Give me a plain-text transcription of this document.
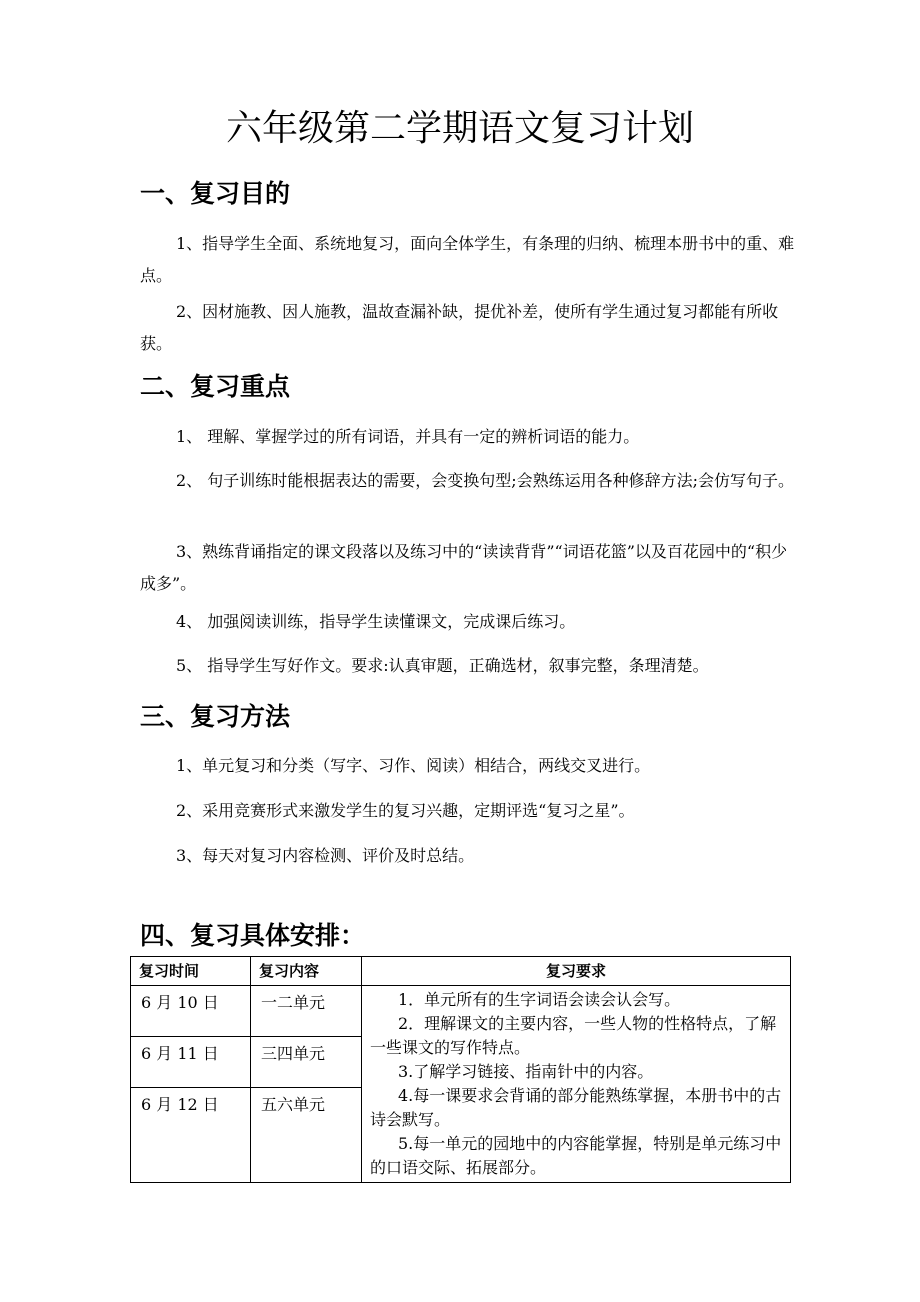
六年级第二学期语文复习计划
一、复习目的

1、指导学生全面、系统地复习，面向全体学生，有条理的归纳、梳理本册书中的重、难点。

2、因材施教、因人施教，温故查漏补缺，提优补差，使所有学生通过复习都能有所收获。

二、复习重点

1、 理解、掌握学过的所有词语，并具有一定的辨析词语的能力。

2、 句子训练时能根据表达的需要，会变换句型;会熟练运用各种修辞方法;会仿写句子。

3、熟练背诵指定的课文段落以及练习中的“读读背背”“词语花篮”以及百花园中的“积少成多”。

4、 加强阅读训练，指导学生读懂课文，完成课后练习。

5、 指导学生写好作文。要求:认真审题，正确选材，叙事完整，条理清楚。

三、复习方法

1、单元复习和分类（写字、习作、阅读）相结合，两线交叉进行。

2、采用竞赛形式来激发学生的复习兴趣，定期评选“复习之星”。

3、每天对复习内容检测、评价及时总结。

四、复习具体安排：
复习时间	复习内容	复习要求
6 月 10 日	一二单元	1．单元所有的生字词语会读会认会写。

2．理解课文的主要内容，一些人物的性格特点，了解一些课文的写作特点。

3.了解学习链接、指南针中的内容。

4.每一课要求会背诵的部分能熟练掌握，本册书中的古诗会默写。

5.每一单元的园地中的内容能掌握，特别是单元练习中的口语交际、拓展部分。

6 月 11 日	三四单元	
6 月 12 日	五六单元	
